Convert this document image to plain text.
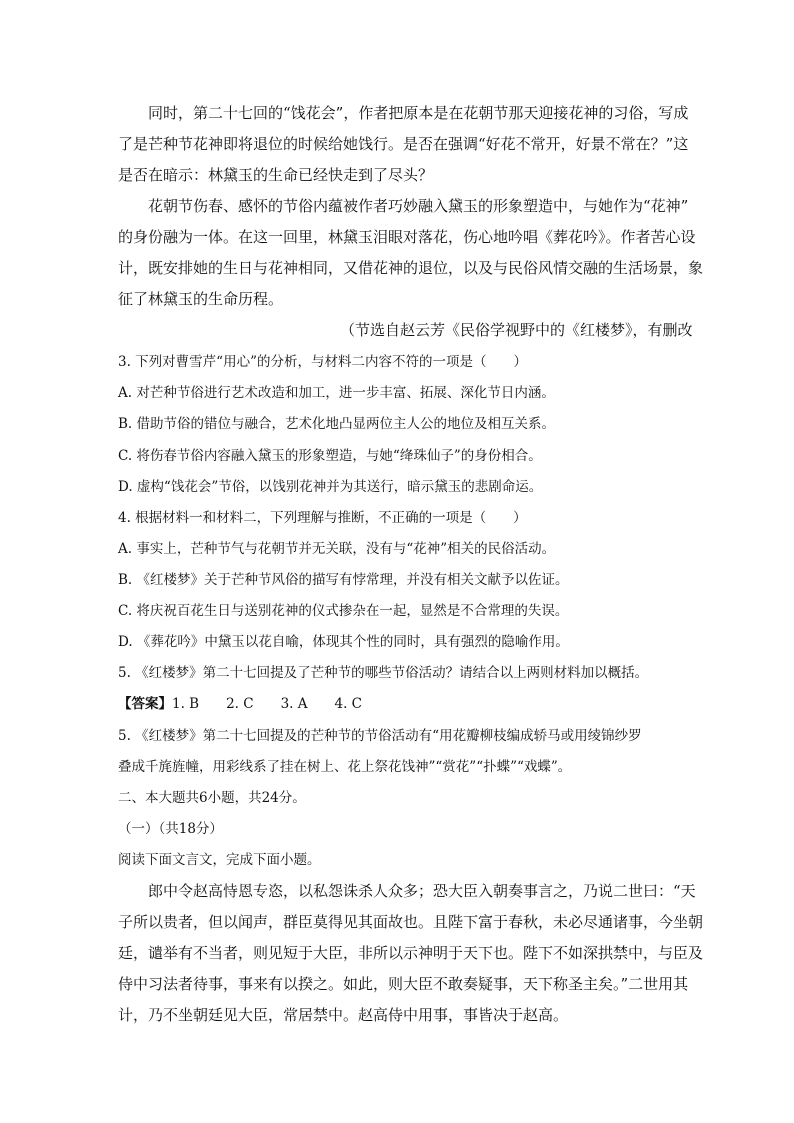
同时，第二十七回的“饯花会”，作者把原本是在花朝节那天迎接花神的习俗，写成
了是芒种节花神即将退位的时候给她饯行。是否在强调“好花不常开，好景不常在？”这
是否在暗示：林黛玉的生命已经快走到了尽头？
花朝节伤春、感怀的节俗内蕴被作者巧妙融入黛玉的形象塑造中，与她作为“花神”
的身份融为一体。在这一回里，林黛玉泪眼对落花，伤心地吟唱《葬花吟》。作者苦心设
计，既安排她的生日与花神相同，又借花神的退位，以及与民俗风情交融的生活场景，象
征了林黛玉的生命历程。
（节选自赵云芳《民俗学视野中的《红楼梦》，有删改
3. 下列对曹雪芹“用心”的分析，与材料二内容不符的一项是（　　）
A. 对芒种节俗进行艺术改造和加工，进一步丰富、拓展、深化节日内涵。
B. 借助节俗的错位与融合，艺术化地凸显两位主人公的地位及相互关系。
C. 将伤春节俗内容融入黛玉的形象塑造，与她“绛珠仙子”的身份相合。
D. 虚构“饯花会”节俗，以饯别花神并为其送行，暗示黛玉的悲剧命运。
4. 根据材料一和材料二，下列理解与推断，不正确的一项是（　　）
A. 事实上，芒种节气与花朝节并无关联，没有与“花神”相关的民俗活动。
B. 《红楼梦》关于芒种节风俗的描写有悖常理，并没有相关文献予以佐证。
C. 将庆祝百花生日与送别花神的仪式掺杂在一起，显然是不合常理的失误。
D. 《葬花吟》中黛玉以花自喻，体现其个性的同时，具有强烈的隐喻作用。
5. 《红楼梦》第二十七回提及了芒种节的哪些节俗活动？请结合以上两则材料加以概括。
【答案】1. B　　2. C　　3. A　　4. C
5. 《红楼梦》第二十七回提及的芒种节的节俗活动有“用花瓣柳枝编成轿马或用绫锦纱罗
叠成千旄旌幢，用彩线系了挂在树上、花上祭花饯神”“赏花”“扑蝶”“戏蝶”。
二、本大题共6小题，共24分。
（一）（共18分）
阅读下面文言文，完成下面小题。
郎中令赵高恃恩专恣，以私怨诛杀人众多；恐大臣入朝奏事言之，乃说二世曰：“天
子所以贵者，但以闻声，群臣莫得见其面故也。且陛下富于春秋，未必尽通诸事，今坐朝
廷，谴举有不当者，则见短于大臣，非所以示神明于天下也。陛下不如深拱禁中，与臣及
侍中习法者待事，事来有以揆之。如此，则大臣不敢奏疑事，天下称圣主矣。”二世用其
计，乃不坐朝廷见大臣，常居禁中。赵高侍中用事，事皆决于赵高。
